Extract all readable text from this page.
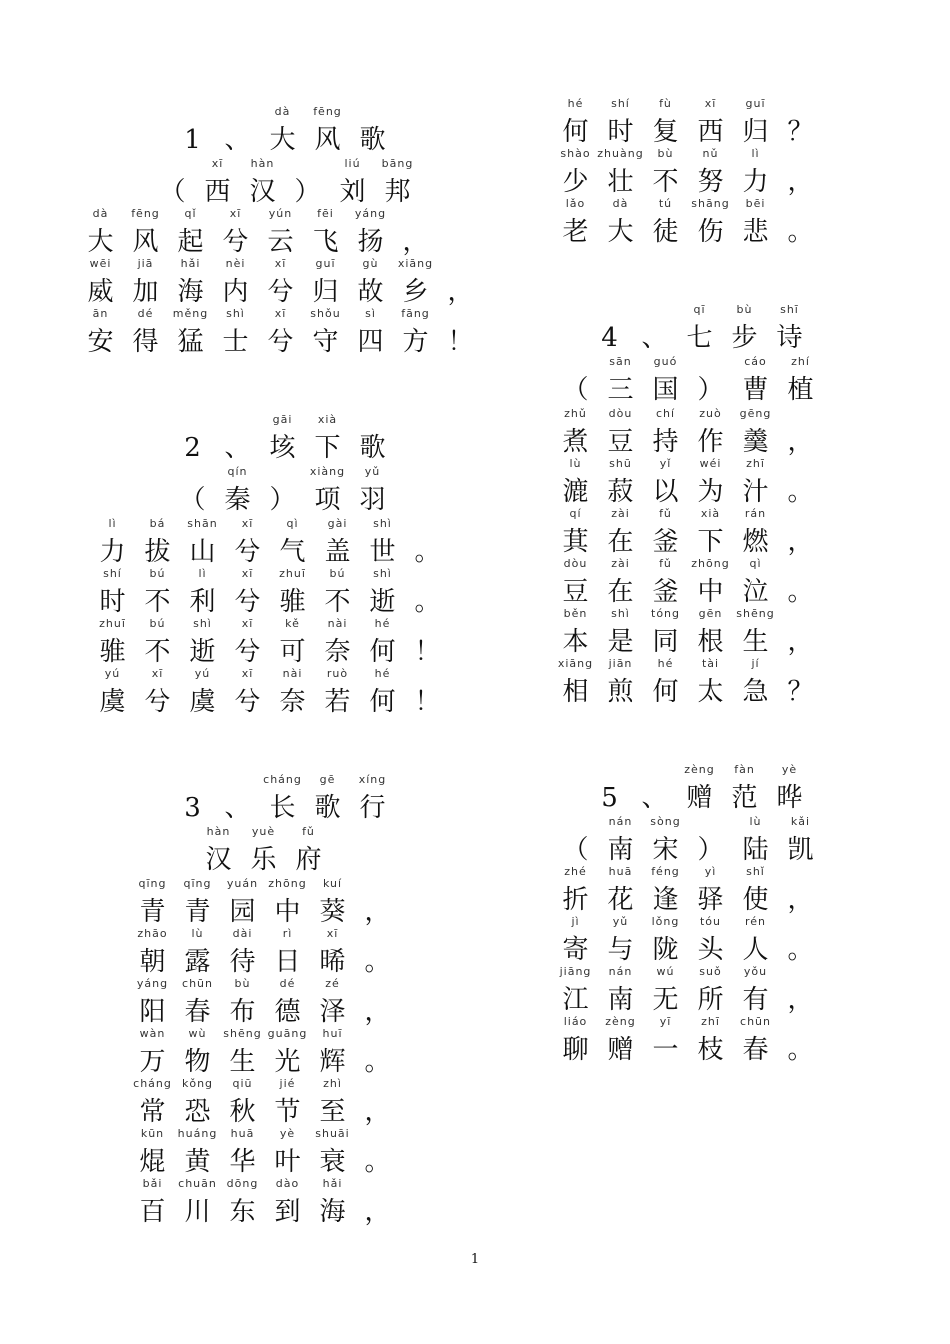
1 、
dà
大
fēng
风 歌
（
xī
西
hàn
汉 ）
liú
刘
bāng
邦
dà
大
fēng
风
qǐ
起
xī
兮
yún
云
fēi
飞
yáng
扬 ，
wēi
威
jiā
加
hǎi
海
nèi
内
xī
兮
guī
归
gù
故
xiāng
乡 ，
ān
安
dé
得
měng
猛
shì
士
xī
兮
shǒu
守
sì
四
fāng
方 ！
2 、
gāi
垓
xià
下 歌
（
qín
秦 ）
xiàng
项
yǔ
羽
lì
力
bá
拔
shān
山
xī
兮
qì
气
gài
盖
shì
世 。
shí
时
bú
不
lì
利
xī
兮
zhuī
骓
bú
不
shì
逝 。
zhuī
骓
bú
不
shì
逝
xī
兮
kě
可
nài
奈
hé
何 ！
yú
虞
xī
兮
yú
虞
xī
兮
nài
奈
ruò
若
hé
何 ！
3 、
cháng
长
gē
歌
xíng
行
hàn
汉
yuè
乐
fǔ
府
qīng
青
qīng
青
yuán
园
zhōng
中
kuí
葵 ，
zhāo
朝
lù
露
dài
待
rì
日
xī
晞 。
yáng
阳
chūn
春
bù
布
dé
德
zé
泽 ，
wàn
万
wù
物
shēng
生
guāng
光
huī
辉 。
cháng
常
kǒng
恐
qiū
秋
jié
节
zhì
至 ，
kūn
焜
huáng
黄
huā
华
yè
叶
shuāi
衰 。
bǎi
百
chuān
川
dōng
东
dào
到
hǎi
海 ，
hé
何
shí
时
fù
复
xī
西
guī
归 ？
shào
少
zhuàng
壮
bù
不
nǔ
努
lì
力 ，
lǎo
老
dà
大
tú
徒
shāng
伤
bēi
悲 。
4 、
qī
七
bù
步
shī
诗
（
sān
三
guó
国 ）
cáo
曹
zhí
植
zhǔ
煮
dòu
豆
chí
持
zuò
作
gēng
羹 ，
lù
漉
shū
菽
yǐ
以
wéi
为
zhī
汁 。
qí
萁
zài
在
fǔ
釜
xià
下
rán
燃 ，
dòu
豆
zài
在
fǔ
釜
zhōng
中
qì
泣 。
běn
本
shì
是
tóng
同
gēn
根
shēng
生 ，
xiāng
相
jiān
煎
hé
何
tài
太
jí
急 ？
5 、
zèng
赠
fàn
范
yè
晔
（
nán
南
sòng
宋 ）
lù
陆
kǎi
凯
zhé
折
huā
花
féng
逢
yì
驿
shǐ
使 ，
jì
寄
yǔ
与
lǒng
陇
tóu
头
rén
人 。
jiāng
江
nán
南
wú
无
suǒ
所
yǒu
有 ，
liáo
聊
zèng
赠
yī
一
zhī
枝
chūn
春 。
1
